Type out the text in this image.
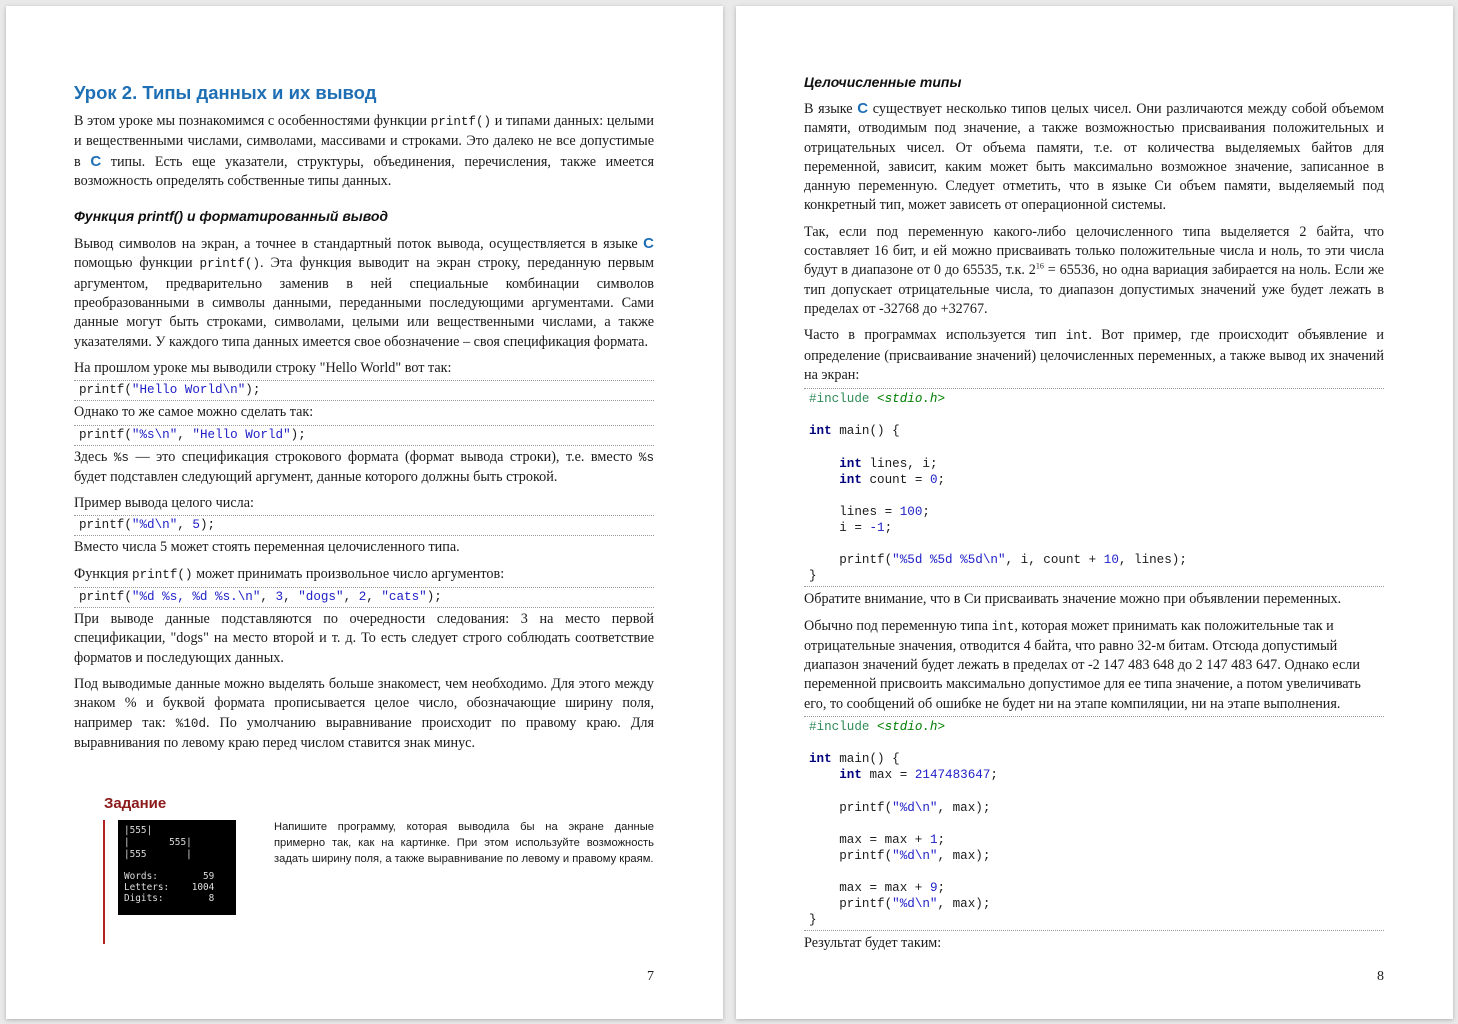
Урок 2. Типы данных и их вывод

В этом уроке мы познакомимся с особенностями функции printf() и типами данных: целыми и вещественными числами, символами, массивами и строками. Это далеко не все допустимые в C типы. Есть еще указатели, структуры, объединения, перечисления, также имеется возможность определять собственные типы данных.

Функция printf() и форматированный вывод

Вывод символов на экран, а точнее в стандартный поток вывода, осуществляется в языке C помощью функции printf(). Эта функция выводит на экран строку, переданную первым аргументом, предварительно заменив в ней специальные комбинации символов преобразованными в символы данными, переданными последующими аргументами. Сами данные могут быть строками, символами, целыми или вещественными числами, а также указателями. У каждого типа данных имеется свое обозначение – своя спецификация формата.

На прошлом уроке мы выводили строку "Hello World" вот так:

printf("Hello World\n");

Однако то же самое можно сделать так:

printf("%s\n", "Hello World");

Здесь %s — это спецификация строкового формата (формат вывода строки), т.е. вместо %s будет подставлен следующий аргумент, данные которого должны быть строкой.

Пример вывода целого числа:

printf("%d\n", 5);

Вместо числа 5 может стоять переменная целочисленного типа.

Функция printf() может принимать произвольное число аргументов:

printf("%d %s, %d %s.\n", 3, "dogs", 2, "cats");

При выводе данные подставляются по очередности следования: 3 на место первой спецификации, "dogs" на место второй и т. д. То есть следует строго соблюдать соответствие форматов и последующих данных.

Под выводимые данные можно выделять больше знакомест, чем необходимо. Для этого между знаком % и буквой формата прописывается целое число, обозначающие ширину поля, например так: %10d. По умолчанию выравнивание происходит по правому краю. Для выравнивания по левому краю перед числом ставится знак минус.

Задание
|555|
|       555|
|555       |
Words:        59
Letters:    1004
Digits:        8

Напишите программу, которая выводила бы на экране данные примерно так, как на картинке. При этом используйте возможность задать ширину поля, а также выравнивание по левому и правому краям.

7
Целочисленные типы

В языке C существует несколько типов целых чисел. Они различаются между собой объемом памяти, отводимым под значение, а также возможностью присваивания положительных и отрицательных чисел. От объема памяти, т.е. от количества выделяемых байтов для переменной, зависит, каким может быть максимально возможное значение, записанное в данную переменную. Следует отметить, что в языке Си объем памяти, выделяемый под конкретный тип, может зависеть от операционной системы.

Так, если под переменную какого-либо целочисленного типа выделяется 2 байта, что составляет 16 бит, и ей можно присваивать только положительные числа и ноль, то эти числа будут в диапазоне от 0 до 65535, т.к. $2^{16} = 65536$, но одна вариация забирается на ноль. Если же тип допускает отрицательные числа, то диапазон допустимых значений уже будет лежать в пределах от -32768 до +32767.

Часто в программах используется тип int. Вот пример, где происходит объявление и определение (присваивание значений) целочисленных переменных, а также вывод их значений на экран:

#include <stdio.h>

int main() {

int lines, i;
int count = 0;

lines = 100;
i = -1;

printf("%5d %5d %5d\n", i, count + 10, lines);
}

Обратите внимание, что в Си присваивать значение можно при объявлении переменных.

Обычно под переменную типа int, которая может принимать как положительные так и отрицательные значения, отводится 4 байта, что равно 32-м битам. Отсюда допустимый диапазон значений будет лежать в пределах от -2 147 483 648 до 2 147 483 647. Однако если переменной присвоить максимально допустимое для ее типа значение, а потом увеличивать его, то сообщений об ошибке не будет ни на этапе компиляции, ни на этапе выполнения.

#include <stdio.h>

int main() {
int max = 2147483647;

printf("%d\n", max);

max = max + 1;
printf("%d\n", max);

max = max + 9;
printf("%d\n", max);
}

Результат будет таким:

8
